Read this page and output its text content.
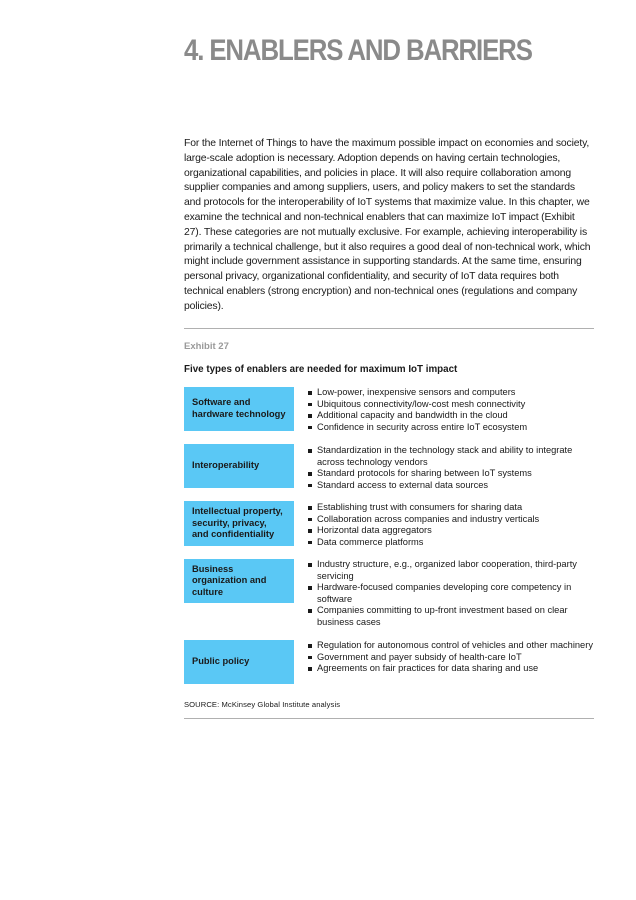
4. ENABLERS AND BARRIERS

For the Internet of Things to have the maximum possible impact on economies and society, large-scale adoption is necessary. Adoption depends on having certain technologies, organizational capabilities, and policies in place. It will also require collaboration among supplier companies and among suppliers, users, and policy makers to set the standards and protocols for the interoperability of IoT systems that maximize value. In this chapter, we examine the technical and non-technical enablers that can maximize IoT impact (Exhibit 27). These categories are not mutually exclusive. For example, achieving interoperability is primarily a technical challenge, but it also requires a good deal of non-technical work, which might include government assistance in supporting standards. At the same time, ensuring personal privacy, organizational confidentiality, and security of IoT data requires both technical enablers (strong encryption) and non-technical ones (regulations and company policies).

Exhibit 27
Five types of enablers are needed for maximum IoT impact
Software and
hardware technology
Low-power, inexpensive sensors and computers
Ubiquitous connectivity/low-cost mesh connectivity
Additional capacity and bandwidth in the cloud
Confidence in security across entire IoT ecosystem
Interoperability
Standardization in the technology stack and ability to integrate across technology vendors
Standard protocols for sharing between IoT systems
Standard access to external data sources
Intellectual property,
security, privacy,
and confidentiality
Establishing trust with consumers for sharing data
Collaboration across companies and industry verticals
Horizontal data aggregators
Data commerce platforms
Business
organization and
culture
Industry structure, e.g., organized labor cooperation, third-party servicing
Hardware-focused companies developing core competency in software
Companies committing to up-front investment based on clear business cases
Public policy
Regulation for autonomous control of vehicles and other machinery
Government and payer subsidy of health-care IoT
Agreements on fair practices for data sharing and use
SOURCE: McKinsey Global Institute analysis
